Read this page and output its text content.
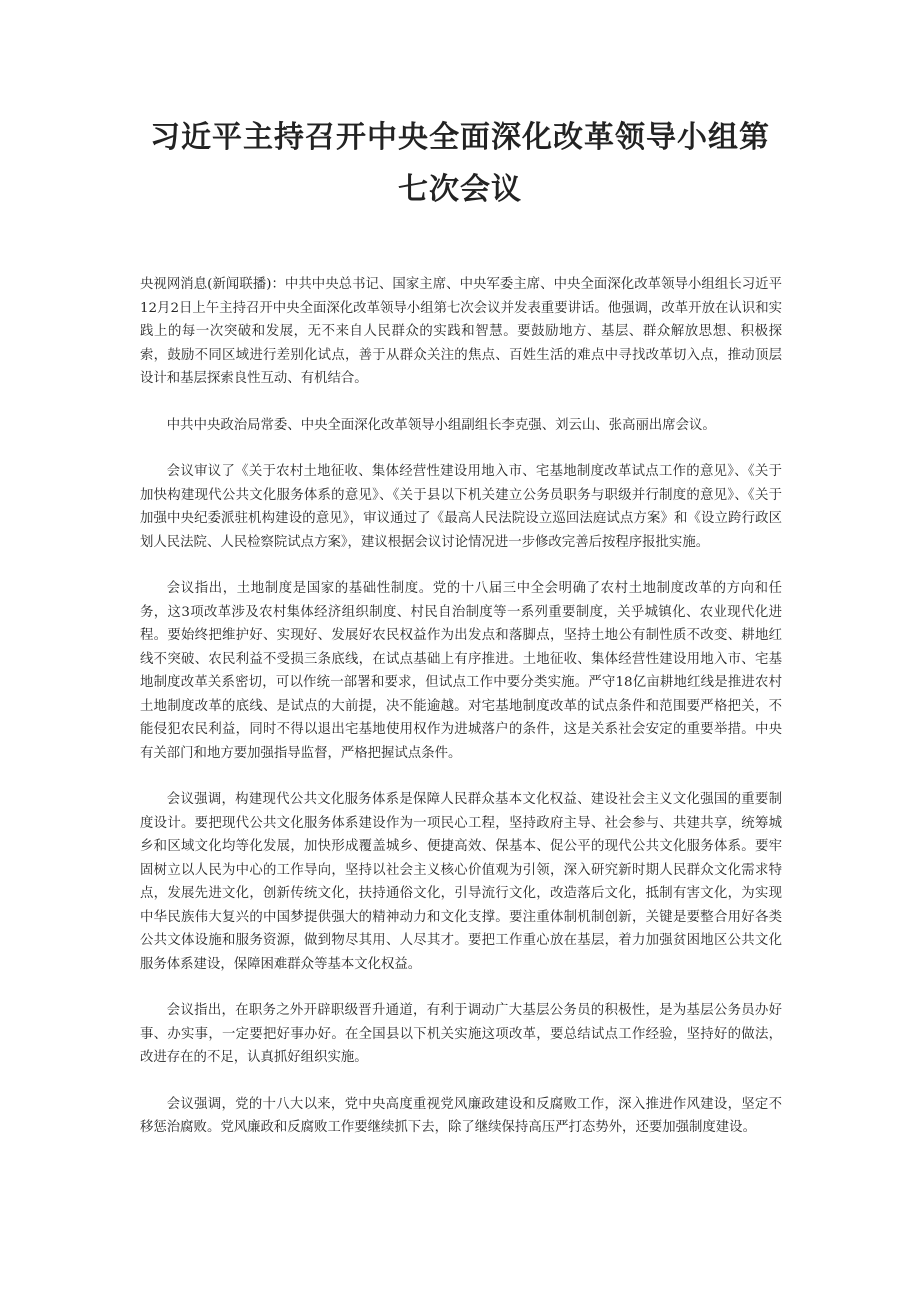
习近平主持召开中央全面深化改革领导小组第七次会议

央视网消息(新闻联播)：中共中央总书记、国家主席、中央军委主席、中央全面深化改革领导小组组长习近平12月2日上午主持召开中央全面深化改革领导小组第七次会议并发表重要讲话。他强调，改革开放在认识和实践上的每一次突破和发展，无不来自人民群众的实践和智慧。要鼓励地方、基层、群众解放思想、积极探索，鼓励不同区域进行差别化试点，善于从群众关注的焦点、百姓生活的难点中寻找改革切入点，推动顶层设计和基层探索良性互动、有机结合。

中共中央政治局常委、中央全面深化改革领导小组副组长李克强、刘云山、张高丽出席会议。

会议审议了《关于农村土地征收、集体经营性建设用地入市、宅基地制度改革试点工作的意见》、《关于加快构建现代公共文化服务体系的意见》、《关于县以下机关建立公务员职务与职级并行制度的意见》、《关于加强中央纪委派驻机构建设的意见》，审议通过了《最高人民法院设立巡回法庭试点方案》和《设立跨行政区划人民法院、人民检察院试点方案》，建议根据会议讨论情况进一步修改完善后按程序报批实施。

会议指出，土地制度是国家的基础性制度。党的十八届三中全会明确了农村土地制度改革的方向和任务，这3项改革涉及农村集体经济组织制度、村民自治制度等一系列重要制度，关乎城镇化、农业现代化进程。要始终把维护好、实现好、发展好农民权益作为出发点和落脚点，坚持土地公有制性质不改变、耕地红线不突破、农民利益不受损三条底线，在试点基础上有序推进。土地征收、集体经营性建设用地入市、宅基地制度改革关系密切，可以作统一部署和要求，但试点工作中要分类实施。严守18亿亩耕地红线是推进农村土地制度改革的底线、是试点的大前提，决不能逾越。对宅基地制度改革的试点条件和范围要严格把关，不能侵犯农民利益，同时不得以退出宅基地使用权作为进城落户的条件，这是关系社会安定的重要举措。中央有关部门和地方要加强指导监督，严格把握试点条件。

会议强调，构建现代公共文化服务体系是保障人民群众基本文化权益、建设社会主义文化强国的重要制度设计。要把现代公共文化服务体系建设作为一项民心工程，坚持政府主导、社会参与、共建共享，统筹城乡和区域文化均等化发展，加快形成覆盖城乡、便捷高效、保基本、促公平的现代公共文化服务体系。要牢固树立以人民为中心的工作导向，坚持以社会主义核心价值观为引领，深入研究新时期人民群众文化需求特点，发展先进文化，创新传统文化，扶持通俗文化，引导流行文化，改造落后文化，抵制有害文化，为实现中华民族伟大复兴的中国梦提供强大的精神动力和文化支撑。要注重体制机制创新，关键是要整合用好各类公共文体设施和服务资源，做到物尽其用、人尽其才。要把工作重心放在基层，着力加强贫困地区公共文化服务体系建设，保障困难群众等基本文化权益。

会议指出，在职务之外开辟职级晋升通道，有利于调动广大基层公务员的积极性，是为基层公务员办好事、办实事，一定要把好事办好。在全国县以下机关实施这项改革，要总结试点工作经验，坚持好的做法，改进存在的不足，认真抓好组织实施。

会议强调，党的十八大以来，党中央高度重视党风廉政建设和反腐败工作，深入推进作风建设，坚定不移惩治腐败。党风廉政和反腐败工作要继续抓下去，除了继续保持高压严打态势外，还要加强制度建设。
